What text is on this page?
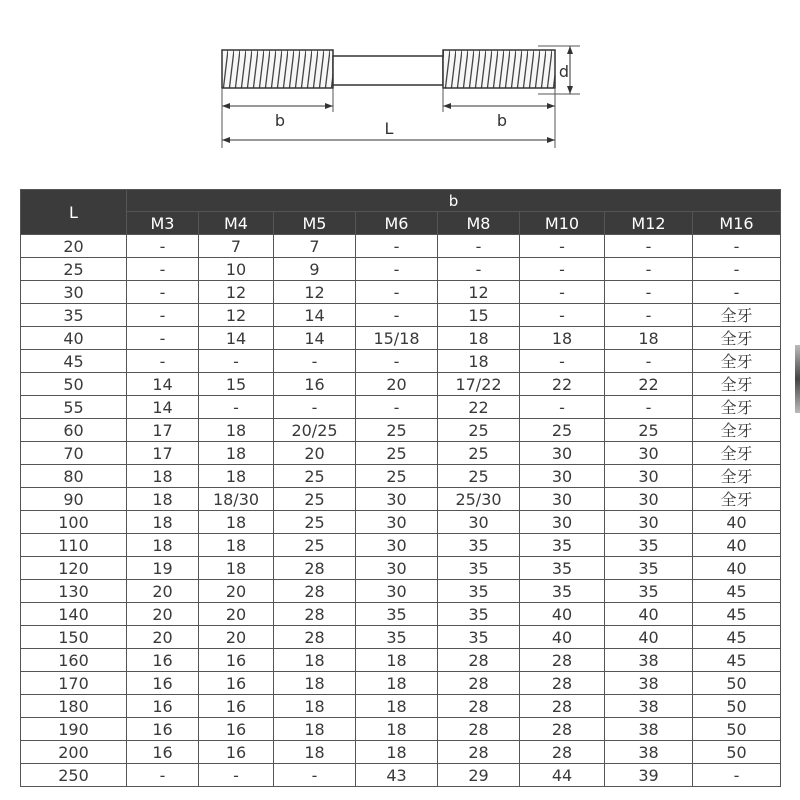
b	L	b
d
L	b							
	M3	M4	M5	M6	M8	M10	M12	M16
20	-	7	7	-	-	-	-	-
25	-	10	9	-	-	-	-	-
30	-	12	12	-	12	-	-	-
35	-	12	14	-	15	-	-	全牙
40	-	14	14	15/18	18	18	18	全牙
45	-	-	-	-	18	-	-	全牙
50	14	15	16	20	17/22	22	22	全牙
55	14	-	-	-	22	-	-	全牙
60	17	18	20/25	25	25	25	25	全牙
70	17	18	20	25	25	30	30	全牙
80	18	18	25	25	25	30	30	全牙
90	18	18/30	25	30	25/30	30	30	全牙
100	18	18	25	30	30	30	30	40
110	18	18	25	30	35	35	35	40
120	19	18	28	30	35	35	35	40
130	20	20	28	30	35	35	35	45
140	20	20	28	35	35	40	40	45
150	20	20	28	35	35	40	40	45
160	16	16	18	18	28	28	38	45
170	16	16	18	18	28	28	38	50
180	16	16	18	18	28	28	38	50
190	16	16	18	18	28	28	38	50
200	16	16	18	18	28	28	38	50
250	-	-	-	43	29	44	39	-
